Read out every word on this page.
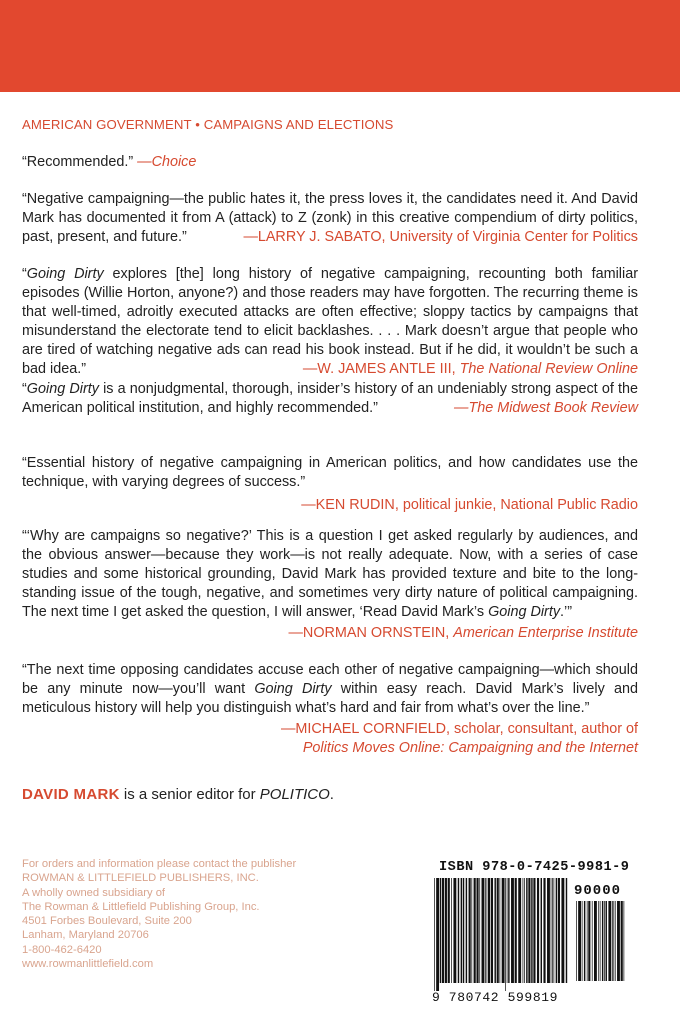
AMERICAN GOVERNMENT • CAMPAIGNS AND ELECTIONS

“Recommended.” —Choice

“Negative campaigning—the public hates it, the press loves it, the candidates need it. And David Mark has documented it from A (attack) to Z (zonk) in this creative compendium of dirty politics, past, present, and future.”	—LARRY J. SABATO, University of Virginia Center for Politics

“Going Dirty explores [the] long history of negative campaigning, recounting both familiar episodes (Willie Horton, anyone?) and those readers may have forgotten. The recurring theme is that well-timed, adroitly executed attacks are often effective; sloppy tactics by campaigns that misunderstand the electorate tend to elicit backlashes. . . . Mark doesn’t argue that people who are tired of watching negative ads can read his book instead. But if he did, it wouldn’t be such a bad idea.”	—W. JAMES ANTLE III, The National Review Online

“Going Dirty is a nonjudgmental, thorough, insider’s history of an undeniably strong aspect of the American political institution, and highly recommended.”	—The Midwest Book Review

“Essential history of negative campaigning in American politics, and how candidates use the technique, with varying degrees of success.”

—KEN RUDIN, political junkie, National Public Radio

“‘Why are campaigns so negative?’ This is a question I get asked regularly by audiences, and the obvious answer—because they work—is not really adequate. Now, with a series of case studies and some historical grounding, David Mark has provided texture and bite to the long-standing issue of the tough, negative, and sometimes very dirty nature of political campaigning. The next time I get asked the question, I will answer, ‘Read David Mark’s Going Dirty.’”

—NORMAN ORNSTEIN, American Enterprise Institute

“The next time opposing candidates accuse each other of negative campaigning—which should be any minute now—you’ll want Going Dirty within easy reach. David Mark’s lively and meticulous history will help you distinguish what’s hard and fair from what’s over the line.”

—MICHAEL CORNFIELD, scholar, consultant, author of

Politics Moves Online: Campaigning and the Internet

DAVID MARK is a senior editor for POLITICO.
For orders and information please contact the publisher
ROWMAN & LITTLEFIELD PUBLISHERS, INC.
A wholly owned subsidiary of
The Rowman & Littlefield Publishing Group, Inc.
4501 Forbes Boulevard, Suite 200
Lanham, Maryland 20706
1-800-462-6420
www.rowmanlittlefield.com
ISBN 978-0-7425-9981-9
90000
9 780742 599819
